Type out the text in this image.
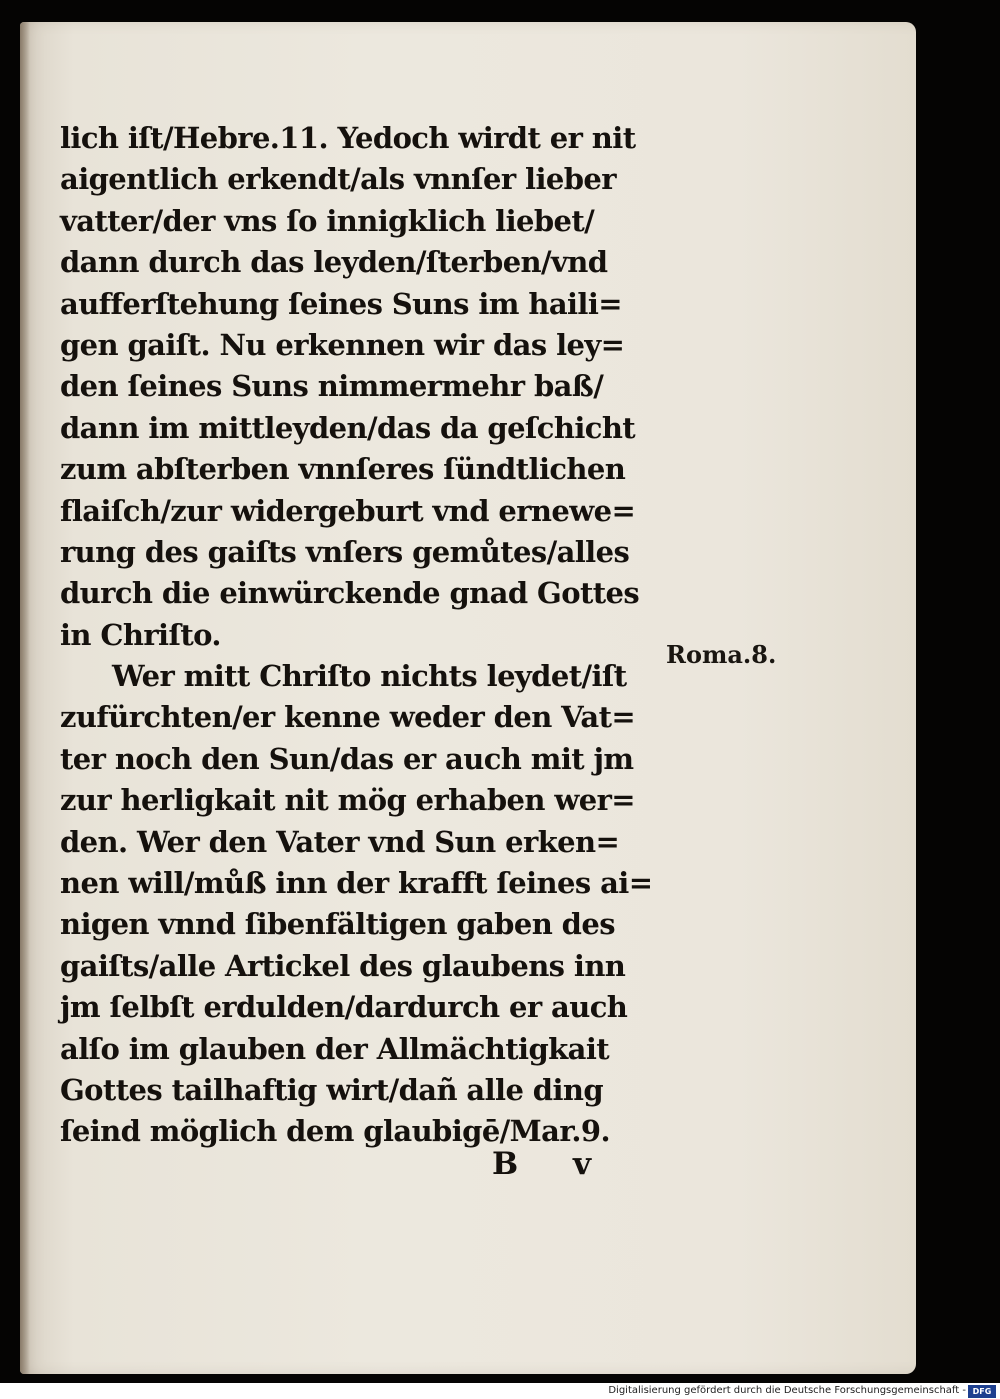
lich iſt/Hebre.11. Yedoch wirdt er nit
aigentlich erkendt/als vnnſer lieber
vatter/der vns ſo innigklich liebet/
dann durch das leyden/ſterben/vnd
aufferſtehung ſeines Suns im haili=
gen gaiſt. Nu erkennen wir das ley=
den ſeines Suns nimmermehr baß/
dann im mittleyden/das da geſchicht
zum abſterben vnnſeres ſündtlichen
flaiſch/zur widergeburt vnd ernewe=
rung des gaiſts vnſers gemůtes/alles
durch die einwürckende gnad Gottes
in Chriſto.
Wer mitt Chriſto nichts leydet/iſt
zufürchten/er kenne weder den Vat=
ter noch den Sun/das er auch mit jm
zur herligkait nit mög erhaben wer=
den. Wer den Vater vnd Sun erken=
nen will/můß inn der krafft ſeines ai=
nigen vnnd ſibenfältigen gaben des
gaiſts/alle Artickel des glaubens inn
jm ſelbſt erdulden/dardurch er auch
alſo im glauben der Allmächtigkait
Gottes tailhaftig wirt/dañ alle ding
ſeind möglich dem glaubigē/Mar.9.
Roma.8.
B v
Digitalisierung gefördert durch die Deutsche Forschungsgemeinschaft - DFG
